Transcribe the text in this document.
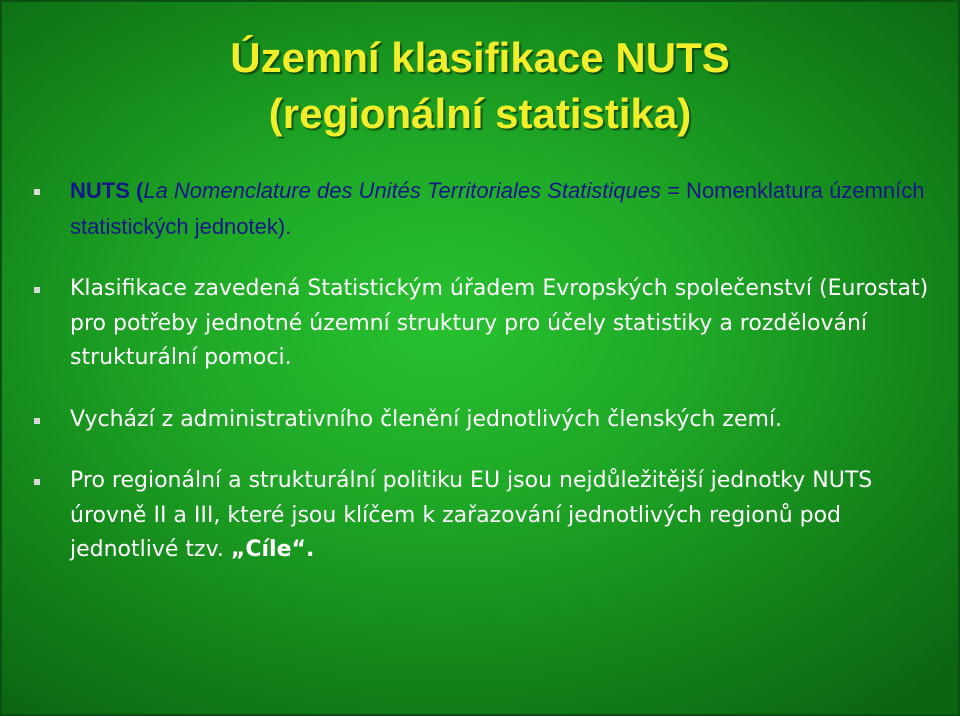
Územní klasifikace NUTS
(regionální statistika)
NUTS (La Nomenclature des Unités Territoriales Statistiques = Nomenklatura územních statistických jednotek).
Klasifikace zavedená Statistickým úřadem Evropských společenství (Eurostat) pro potřeby jednotné územní struktury pro účely statistiky a rozdělování strukturální pomoci.
Vychází z administrativního členění jednotlivých členských zemí.
Pro regionální a strukturální politiku EU jsou nejdůležitější jednotky NUTS úrovně II a III, které jsou klíčem k zařazování jednotlivých regionů pod jednotlivé tzv. „Cíle“.
